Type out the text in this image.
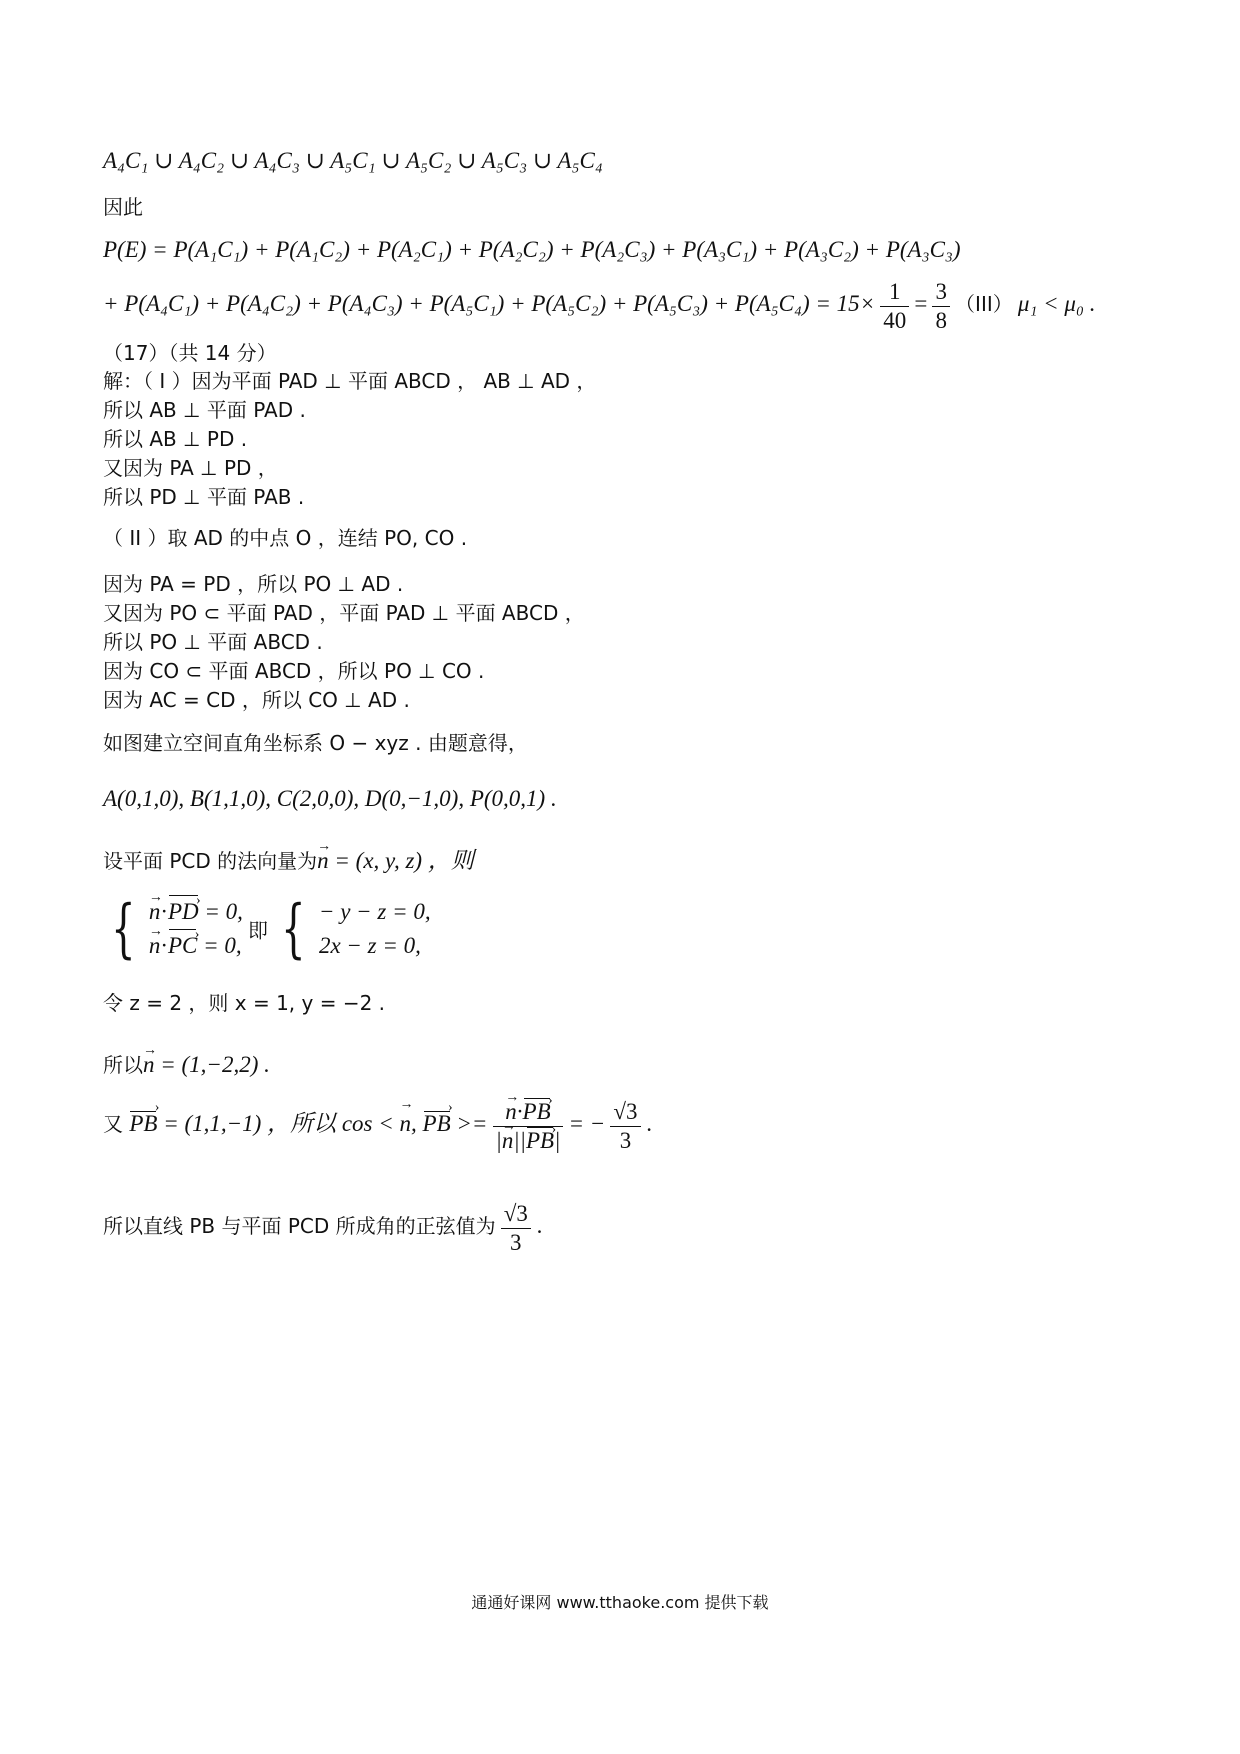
A₄C₁ ∪ A₄C₂ ∪ A₄C₃ ∪ A₅C₁ ∪ A₅C₂ ∪ A₅C₃ ∪ A₅C₄
因此
P(E) = P(A₁C₁) + P(A₁C₂) + P(A₂C₁) + P(A₂C₂) + P(A₂C₃) + P(A₃C₁) + P(A₃C₂) + P(A₃C₃)
+ $P(A_4C_1) + P(A_4C_2) + P(A_4C_3) + P(A_5C_1) + P(A_5C_2) + P(A_5C_3) + P(A_5C_4) = 15\times \frac{1}{40} = \frac{3}{8} (III) \mu_1 < \mu_0$ .
（17）（共 14 分）
解：（ I ）因为平面 PAD ⊥ 平面 ABCD ， AB ⊥ AD ，
所以 AB ⊥ 平面 PAD .
所以 AB ⊥ PD .
又因为 PA ⊥ PD ，
所以 PD ⊥ 平面 PAB .
（ II ）取 AD 的中点 O ，连结 PO, CO .
因为 PA = PD ，所以 PO ⊥ AD .
又因为 PO ⊂ 平面 PAD ，平面 PAD ⊥ 平面 ABCD ，
所以 PO ⊥ 平面 ABCD .
因为 CO ⊂ 平面 ABCD ，所以 PO ⊥ CO .
因为 AC = CD ，所以 CO ⊥ AD .
如图建立空间直角坐标系 O − xyz . 由题意得，
A(0,1,0), B(1,1,0), C(2,0,0), D(0,−1,0), P(0,0,1) .
设平面 PCD 的法向量为→ n = (x, y, z) ，则
{ → n·PD › = 0,
→ n·PC › = 0,
即 { − y − z = 0,
2x − z = 0,
令 z = 2 ，则 x = 1, y = −2 .
所以→ n = (1,−2,2) .
又 PB › = (1,1,−1) ，所以 cos < → n, PB › >= → $\frac{n\cdot PB ›}{|\to n||PB ›|}$ = − $\frac{√3}{3}$ .
所以直线 PB 与平面 PCD 所成角的正弦值为 $\frac{√3}{3}$ .
通通好课网 www.tthaoke.com 提供下载
